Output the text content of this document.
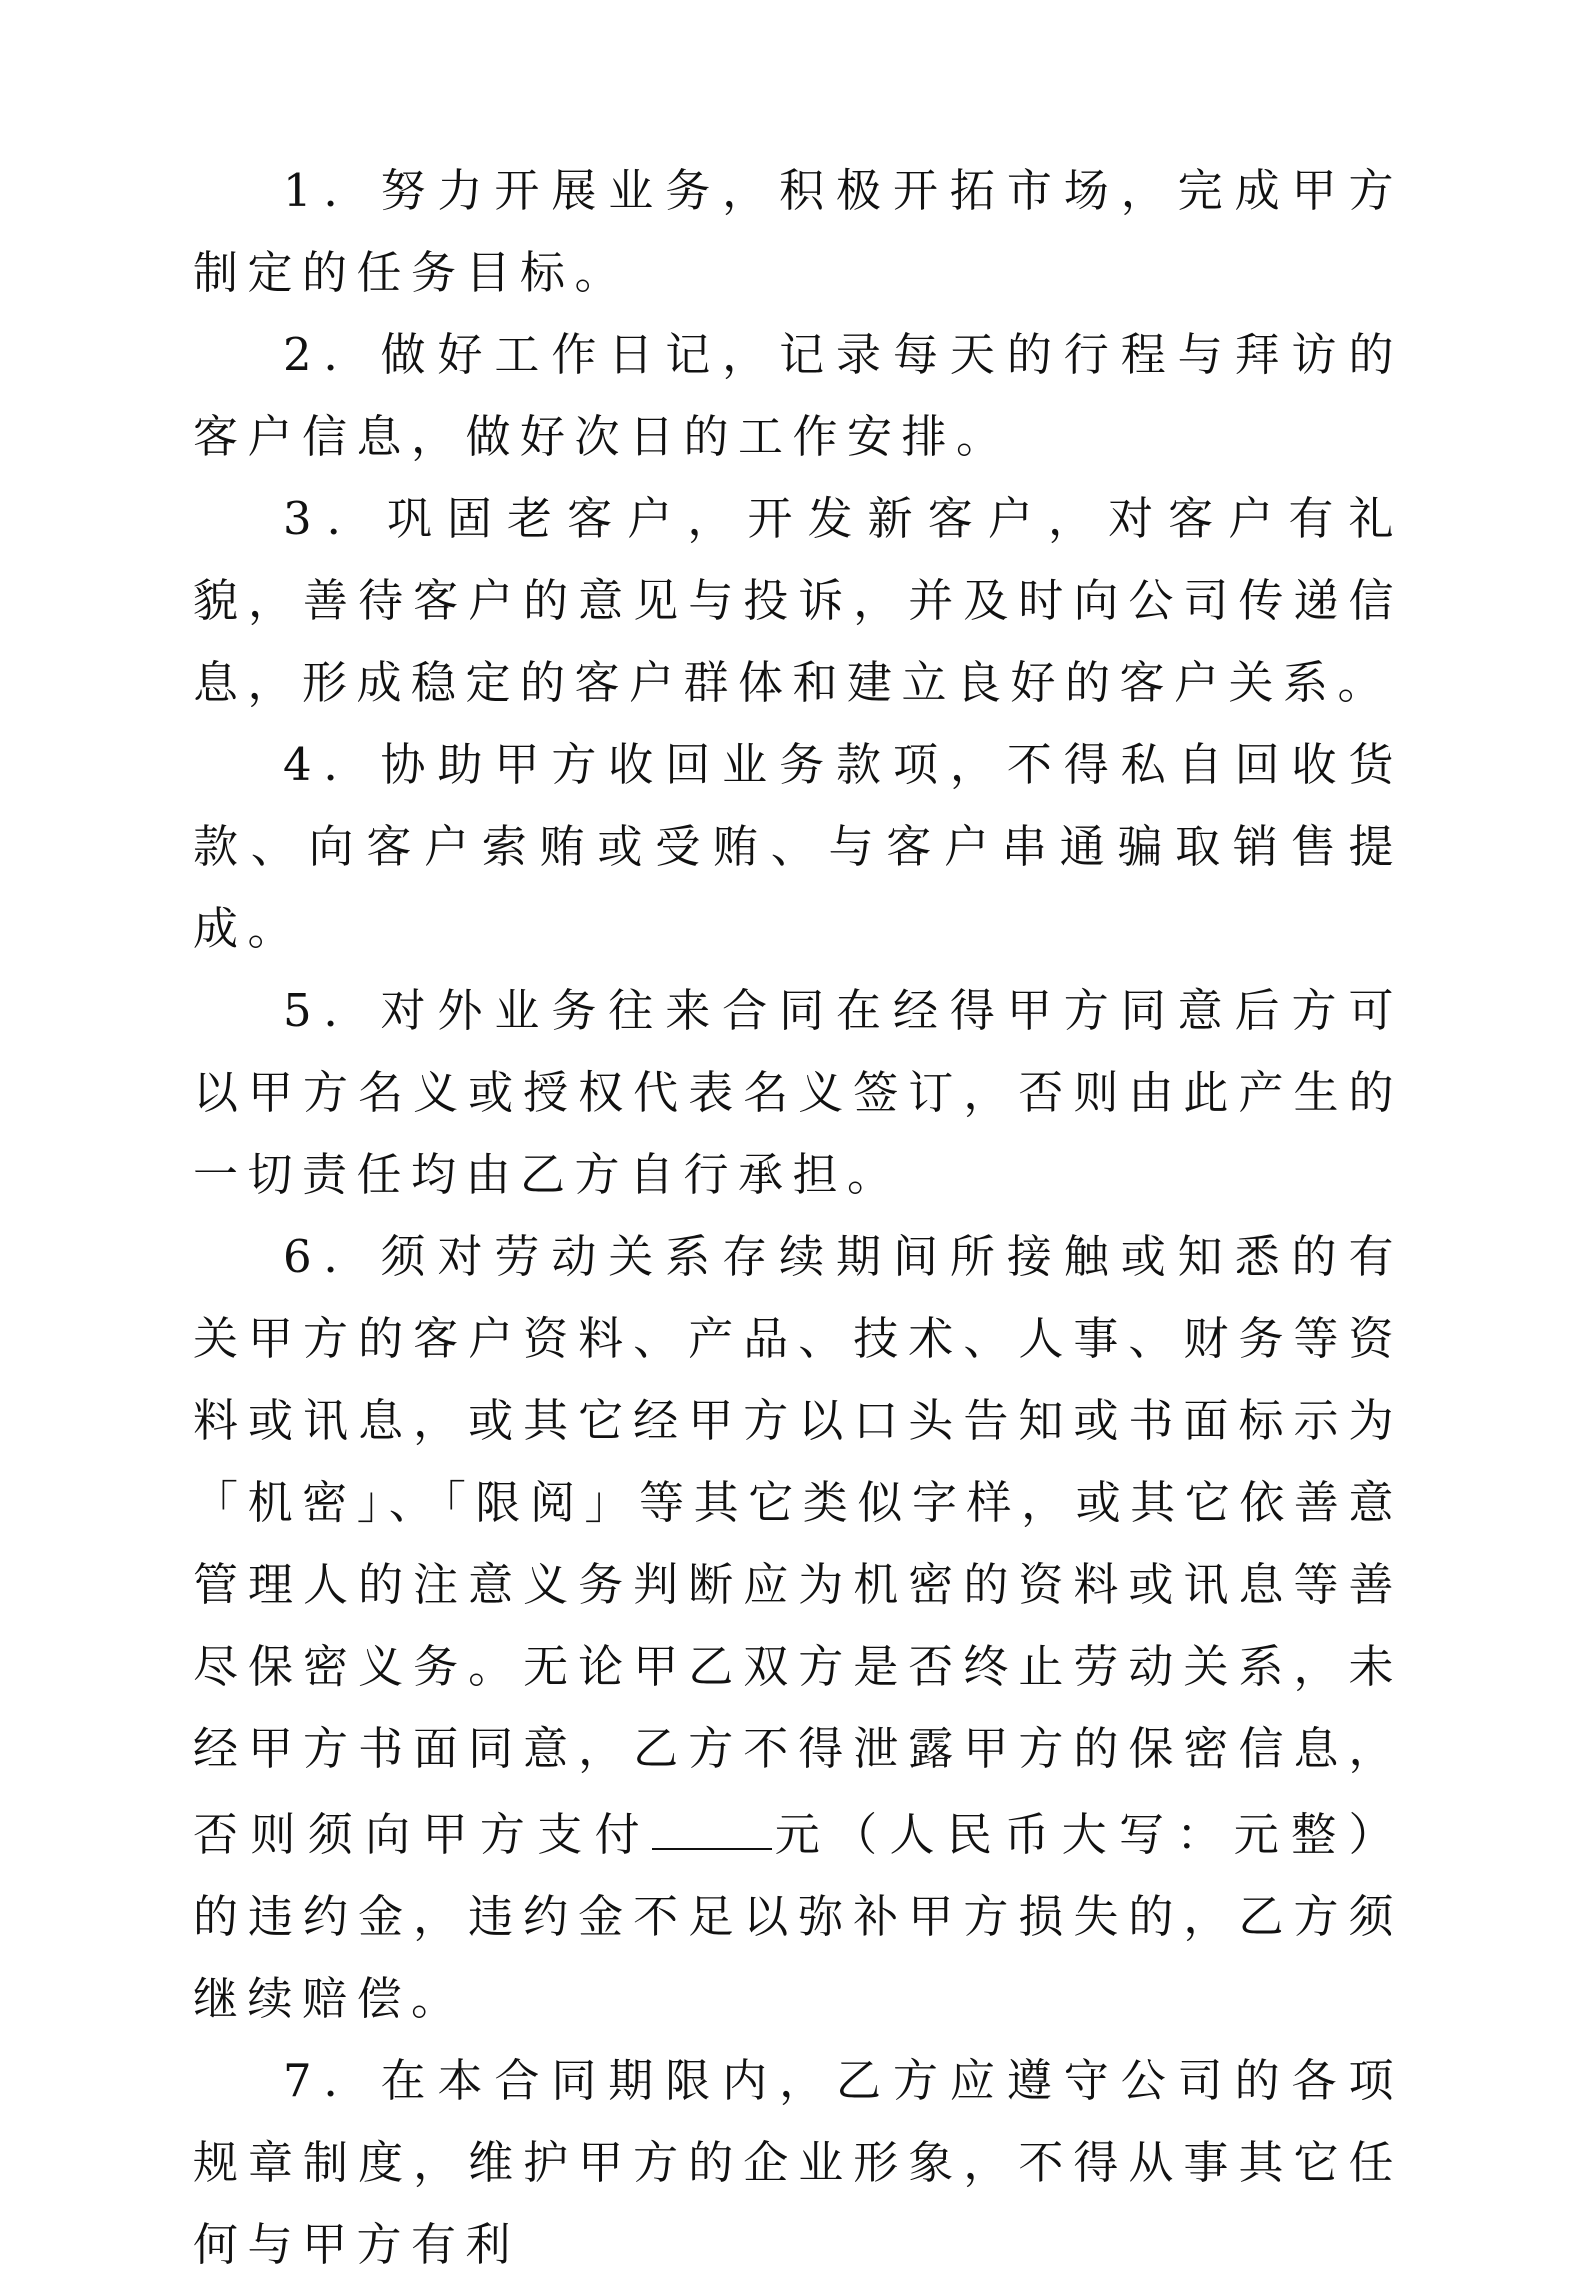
1．努力开展业务，积极开拓市场，完成甲方制定的任务目标。

2．做好工作日记，记录每天的行程与拜访的客户信息，做好次日的工作安排。

3．巩固老客户，开发新客户，对客户有礼貌，善待客户的意见与投诉，并及时向公司传递信息，形成稳定的客户群体和建立良好的客户关系。

4．协助甲方收回业务款项，不得私自回收货款、向客户索贿或受贿、与客户串通骗取销售提成。

5．对外业务往来合同在经得甲方同意后方可以甲方名义或授权代表名义签订，否则由此产生的一切责任均由乙方自行承担。

6．须对劳动关系存续期间所接触或知悉的有关甲方的客户资料、产品、技术、人事、财务等资料或讯息，或其它经甲方以口头告知或书面标示为「机密」、「限阅」等其它类似字样，或其它依善意管理人的注意义务判断应为机密的资料或讯息等善尽保密义务。无论甲乙双方是否终止劳动关系，未经甲方书面同意，乙方不得泄露甲方的保密信息，否则须向甲方支付	元（人民币大写：元整）的违约金，违约金不足以弥补甲方损失的，乙方须继续赔偿。

7．在本合同期限内，乙方应遵守公司的各项规章制度，维护甲方的企业形象，不得从事其它任何与甲方有利
